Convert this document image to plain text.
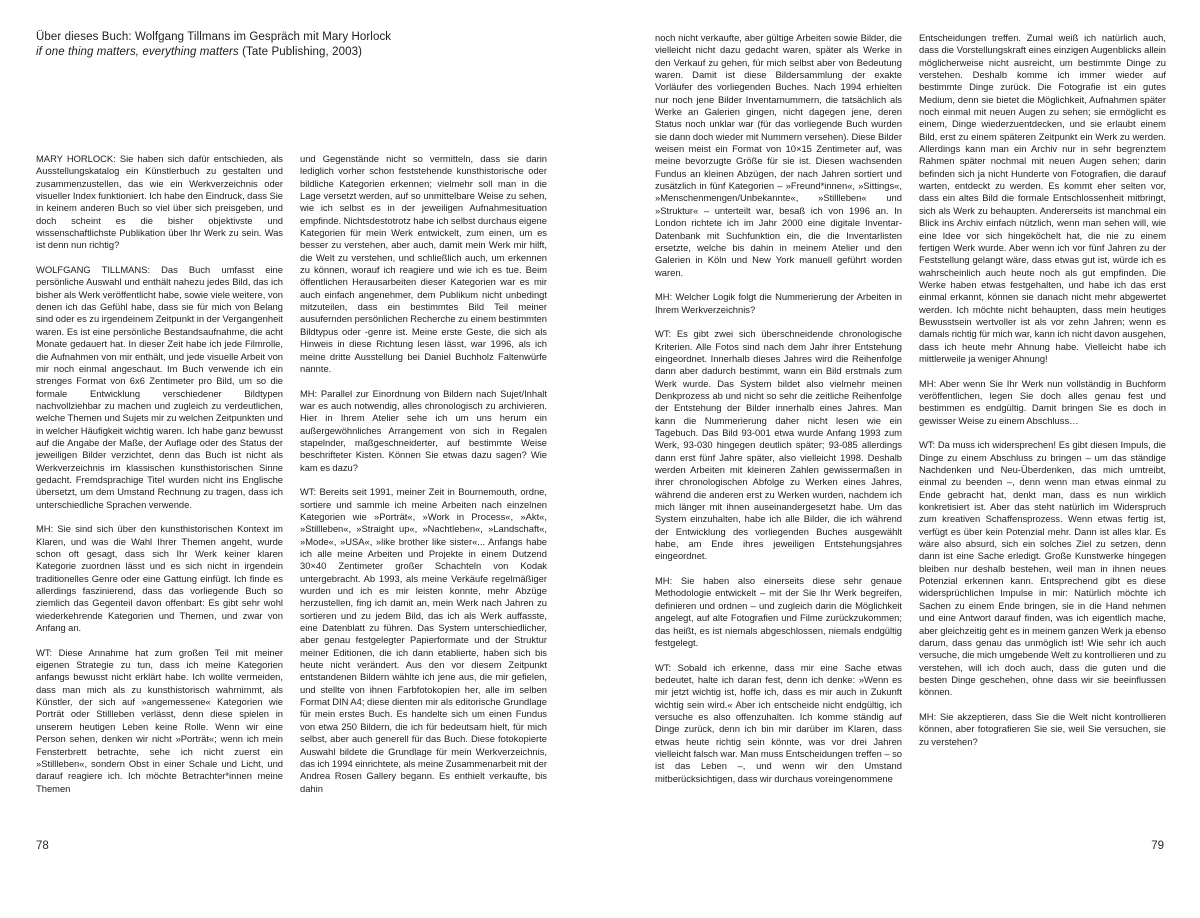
Über dieses Buch: Wolfgang Tillmans im Gespräch mit Mary Horlock
if one thing matters, everything matters (Tate Publishing, 2003)

MARY HORLOCK: Sie haben sich dafür entschieden, als Ausstellungskatalog ein Künstlerbuch zu gestalten und zusammenzustellen, das wie ein Werkverzeichnis oder visueller Index funktioniert. Ich habe den Eindruck, dass Sie in keinem anderen Buch so viel über sich preisgeben, und doch scheint es die bisher objektivste und wissenschaftlichste Publikation über Ihr Werk zu sein. Was ist denn nun richtig?

WOLFGANG TILLMANS: Das Buch umfasst eine persönliche Auswahl und enthält nahezu jedes Bild, das ich bisher als Werk veröffentlicht habe, sowie viele weitere, von denen ich das Gefühl habe, dass sie für mich von Belang sind oder es zu irgendeinem Zeitpunkt in der Vergangenheit waren. Es ist eine persönliche Bestandsaufnahme, die acht Monate gedauert hat. In dieser Zeit habe ich jede Filmrolle, die Aufnahmen von mir enthält, und jede visuelle Arbeit von mir noch einmal angeschaut. Im Buch verwende ich ein strenges Format von 6x6 Zentimeter pro Bild, um so die formale Entwicklung verschiedener Bildtypen nachvollziehbar zu machen und zugleich zu verdeutlichen, welche Themen und Sujets mir zu welchen Zeitpunkten und in welcher Häufigkeit wichtig waren. Ich habe ganz bewusst auf die Angabe der Maße, der Auflage oder des Status der jeweiligen Bilder verzichtet, denn das Buch ist nicht als Werkverzeichnis im klassischen kunsthistorischen Sinne gedacht. Fremdsprachige Titel wurden nicht ins Englische übersetzt, um dem Umstand Rechnung zu tragen, dass ich unterschiedliche Sprachen verwende.

MH: Sie sind sich über den kunsthistorischen Kontext im Klaren, und was die Wahl Ihrer Themen angeht, wurde schon oft gesagt, dass sich Ihr Werk keiner klaren Kategorie zuordnen lässt und es sich nicht in irgendein traditionelles Genre oder eine Gattung einfügt. Ich finde es allerdings faszinierend, dass das vorliegende Buch so ziemlich das Gegenteil davon offenbart: Es gibt sehr wohl wiederkehrende Kategorien und Themen, und zwar von Anfang an.

WT: Diese Annahme hat zum großen Teil mit meiner eigenen Strategie zu tun, dass ich meine Kategorien anfangs bewusst nicht erklärt habe. Ich wollte vermeiden, dass man mich als zu kunsthistorisch wahrnimmt, als Künstler, der sich auf »angemessene« Kategorien wie Porträt oder Stillleben verlässt, denn diese spielen in unserem heutigen Leben keine Rolle. Wenn wir eine Person sehen, denken wir nicht »Porträt«; wenn ich mein Fensterbrett betrachte, sehe ich nicht zuerst ein »Stillleben«, sondern Obst in einer Schale und Licht, und darauf reagiere ich. Ich möchte Betrachter*innen meine Themen

und Gegenstände nicht so vermitteln, dass sie darin lediglich vorher schon feststehende kunsthistorische oder bildliche Kategorien erkennen; vielmehr soll man in die Lage versetzt werden, auf so unmittelbare Weise zu sehen, wie ich selbst es in der jeweiligen Aufnahmesituation empfinde. Nichtsdestotrotz habe ich selbst durchaus eigene Kategorien für mein Werk entwickelt, zum einen, um es besser zu verstehen, aber auch, damit mein Werk mir hilft, die Welt zu verstehen, und schließlich auch, um erkennen zu können, worauf ich reagiere und wie ich es tue. Beim öffentlichen Herausarbeiten dieser Kategorien war es mir auch einfach angenehmer, dem Publikum nicht unbedingt mitzuteilen, dass ein bestimmtes Bild Teil meiner ausufernden persönlichen Recherche zu einem bestimmten Bildtypus oder -genre ist. Meine erste Geste, die sich als Hinweis in diese Richtung lesen lässt, war 1996, als ich meine dritte Ausstellung bei Daniel Buchholz Faltenwürfe nannte.

MH: Parallel zur Einordnung von Bildern nach Sujet/Inhalt war es auch notwendig, alles chronologisch zu archivieren. Hier in Ihrem Atelier sehe ich um uns herum ein außergewöhnliches Arrangement von sich in Regalen stapelnder, maßgeschneiderter, auf bestimmte Weise beschrifteter Kisten. Können Sie etwas dazu sagen? Wie kam es dazu?

WT: Bereits seit 1991, meiner Zeit in Bournemouth, ordne, sortiere und sammle ich meine Arbeiten nach einzelnen Kategorien wie »Porträt«, »Work in Process«, »Akt«, »Stillleben«, »Straight up«, »Nachtleben«, »Landschaft«, »Mode«, »USA«, »like brother like sister«... Anfangs habe ich alle meine Arbeiten und Projekte in einem Dutzend 30×40 Zentimeter großer Schachteln von Kodak untergebracht. Ab 1993, als meine Verkäufe regelmäßiger wurden und ich es mir leisten konnte, mehr Abzüge herzustellen, fing ich damit an, mein Werk nach Jahren zu sortieren und zu jedem Bild, das ich als Werk auffasste, eine Datenblatt zu führen. Das System unterschiedlicher, aber genau festgelegter Papierformate und der Struktur meiner Editionen, die ich dann etablierte, haben sich bis heute nicht verändert. Aus den vor diesem Zeitpunkt entstandenen Bildern wählte ich jene aus, die mir gefielen, und stellte von ihnen Farbfotokopien her, alle im selben Format DIN A4; diese dienten mir als editorische Grundlage für mein erstes Buch. Es handelte sich um einen Fundus von etwa 250 Bildern, die ich für bedeutsam hielt, für mich selbst, aber auch generell für das Buch. Diese fotokopierte Auswahl bildete die Grundlage für mein Werkverzeichnis, das ich 1994 einrichtete, als meine Zusammenarbeit mit der Andrea Rosen Gallery begann. Es enthielt verkaufte, bis dahin

noch nicht verkaufte, aber gültige Arbeiten sowie Bilder, die vielleicht nicht dazu gedacht waren, später als Werke in den Verkauf zu gehen, für mich selbst aber von Bedeutung waren. Damit ist diese Bildersammlung der exakte Vorläufer des vorliegenden Buches. Nach 1994 erhielten nur noch jene Bilder Inventarnummern, die tatsächlich als Werke an Galerien gingen, nicht dagegen jene, deren Status noch unklar war (für das vorliegende Buch wurden sie dann doch wieder mit Nummern versehen). Diese Bilder weisen meist ein Format von 10×15 Zentimeter auf, was meine bevorzugte Größe für sie ist. Diesen wachsenden Fundus an kleinen Abzügen, der nach Jahren sortiert und zusätzlich in fünf Kategorien – »Freund*innen«, »Sittings«, »Menschenmengen/Unbekannte«, »Stillleben« und »Struktur« – unterteilt war, besaß ich von 1996 an. In London richtete ich im Jahr 2000 eine digitale Inventar-Datenbank mit Suchfunktion ein, die die Inventarlisten ersetzte, welche bis dahin in meinem Atelier und den Galerien in Köln und New York manuell geführt worden waren.

MH: Welcher Logik folgt die Nummerierung der Arbeiten in Ihrem Werkverzeichnis?

WT: Es gibt zwei sich überschneidende chronologische Kriterien. Alle Fotos sind nach dem Jahr ihrer Entstehung eingeordnet. Innerhalb dieses Jahres wird die Reihenfolge dann aber dadurch bestimmt, wann ein Bild erstmals zum Werk wurde. Das System bildet also vielmehr meinen Denkprozess ab und nicht so sehr die zeitliche Reihenfolge der Entstehung der Bilder innerhalb eines Jahres. Man kann die Nummerierung daher nicht lesen wie ein Tagebuch. Das Bild 93-001 etwa wurde Anfang 1993 zum Werk, 93-030 hingegen deutlich später; 93-085 allerdings dann erst fünf Jahre später, also vielleicht 1998. Deshalb werden Arbeiten mit kleineren Zahlen gewissermaßen in ihrer chronologischen Abfolge zu Werken eines Jahres, während die anderen erst zu Werken wurden, nachdem ich mich länger mit ihnen auseinandergesetzt habe. Um das System einzuhalten, habe ich alle Bilder, die ich während der Entwicklung des vorliegenden Buches ausgewählt habe, am Ende ihres jeweiligen Entstehungsjahres eingeordnet.

MH: Sie haben also einerseits diese sehr genaue Methodologie entwickelt – mit der Sie Ihr Werk begreifen, definieren und ordnen – und zugleich darin die Möglichkeit angelegt, auf alte Fotografien und Filme zurückzukommen; das heißt, es ist niemals abgeschlossen, niemals endgültig festgelegt.

WT: Sobald ich erkenne, dass mir eine Sache etwas bedeutet, halte ich daran fest, denn ich denke: »Wenn es mir jetzt wichtig ist, hoffe ich, dass es mir auch in Zukunft wichtig sein wird.« Aber ich entscheide nicht endgültig, ich versuche es also offenzuhalten. Ich komme ständig auf Dinge zurück, denn ich bin mir darüber im Klaren, dass etwas heute richtig sein könnte, was vor drei Jahren vielleicht falsch war. Man muss Entscheidungen treffen – so ist das Leben –, und wenn wir den Umstand mitberücksichtigen, dass wir durchaus voreingenommene

Entscheidungen treffen. Zumal weiß ich natürlich auch, dass die Vorstellungskraft eines einzigen Augenblicks allein möglicherweise nicht ausreicht, um bestimmte Dinge zu verstehen. Deshalb komme ich immer wieder auf bestimmte Dinge zurück. Die Fotografie ist ein gutes Medium, denn sie bietet die Möglichkeit, Aufnahmen später noch einmal mit neuen Augen zu sehen; sie ermöglicht es einem, Dinge wiederzuentdecken, und sie erlaubt einem Bild, erst zu einem späteren Zeitpunkt ein Werk zu werden. Allerdings kann man ein Archiv nur in sehr begrenztem Rahmen später nochmal mit neuen Augen sehen; darin befinden sich ja nicht Hunderte von Fotografien, die darauf warten, entdeckt zu werden. Es kommt eher selten vor, dass ein altes Bild die formale Entschlossenheit mitbringt, sich als Werk zu behaupten. Andererseits ist manchmal ein Blick ins Archiv einfach nützlich, wenn man sehen will, wie eine Idee vor sich hingeköchelt hat, die nie zu einem fertigen Werk wurde. Aber wenn ich vor fünf Jahren zu der Feststellung gelangt wäre, dass etwas gut ist, würde ich es wahrscheinlich auch heute noch als gut empfinden. Die Werke haben etwas festgehalten, und habe ich das erst einmal erkannt, können sie danach nicht mehr abgewertet werden. Ich möchte nicht behaupten, dass mein heutiges Bewusstsein wertvoller ist als vor zehn Jahren; wenn es damals richtig für mich war, kann ich nicht davon ausgehen, dass ich heute mehr Ahnung habe. Vielleicht habe ich mittlerweile ja weniger Ahnung!

MH: Aber wenn Sie Ihr Werk nun vollständig in Buchform veröffentlichen, legen Sie doch alles genau fest und bestimmen es endgültig. Damit bringen Sie es doch in gewisser Weise zu einem Abschluss…

WT: Da muss ich widersprechen! Es gibt diesen Impuls, die Dinge zu einem Abschluss zu bringen – um das ständige Nachdenken und Neu-Überdenken, das mich umtreibt, einmal zu beenden –, denn wenn man etwas einmal zu Ende gebracht hat, denkt man, dass es nun wirklich konkretisiert ist. Aber das steht natürlich im Widerspruch zum kreativen Schaffensprozess. Wenn etwas fertig ist, verfügt es über kein Potenzial mehr. Dann ist alles klar. Es wäre also absurd, sich ein solches Ziel zu setzen, denn dann ist eine Sache erledigt. Große Kunstwerke hingegen bleiben nur deshalb bestehen, weil man in ihnen neues Potenzial erkennen kann. Entsprechend gibt es diese widersprüchlichen Impulse in mir: Natürlich möchte ich Sachen zu einem Ende bringen, sie in die Hand nehmen und eine Antwort darauf finden, was ich eigentlich mache, aber gleichzeitig geht es in meinem ganzen Werk ja ebenso darum, dass genau das unmöglich ist! Wie sehr ich auch versuche, die mich umgebende Welt zu kontrollieren und zu verstehen, will ich doch auch, dass die guten und die besten Dinge geschehen, ohne dass wir sie beeinflussen können.

MH: Sie akzeptieren, dass Sie die Welt nicht kontrollieren können, aber fotografieren Sie sie, weil Sie versuchen, sie zu verstehen?

78	79
